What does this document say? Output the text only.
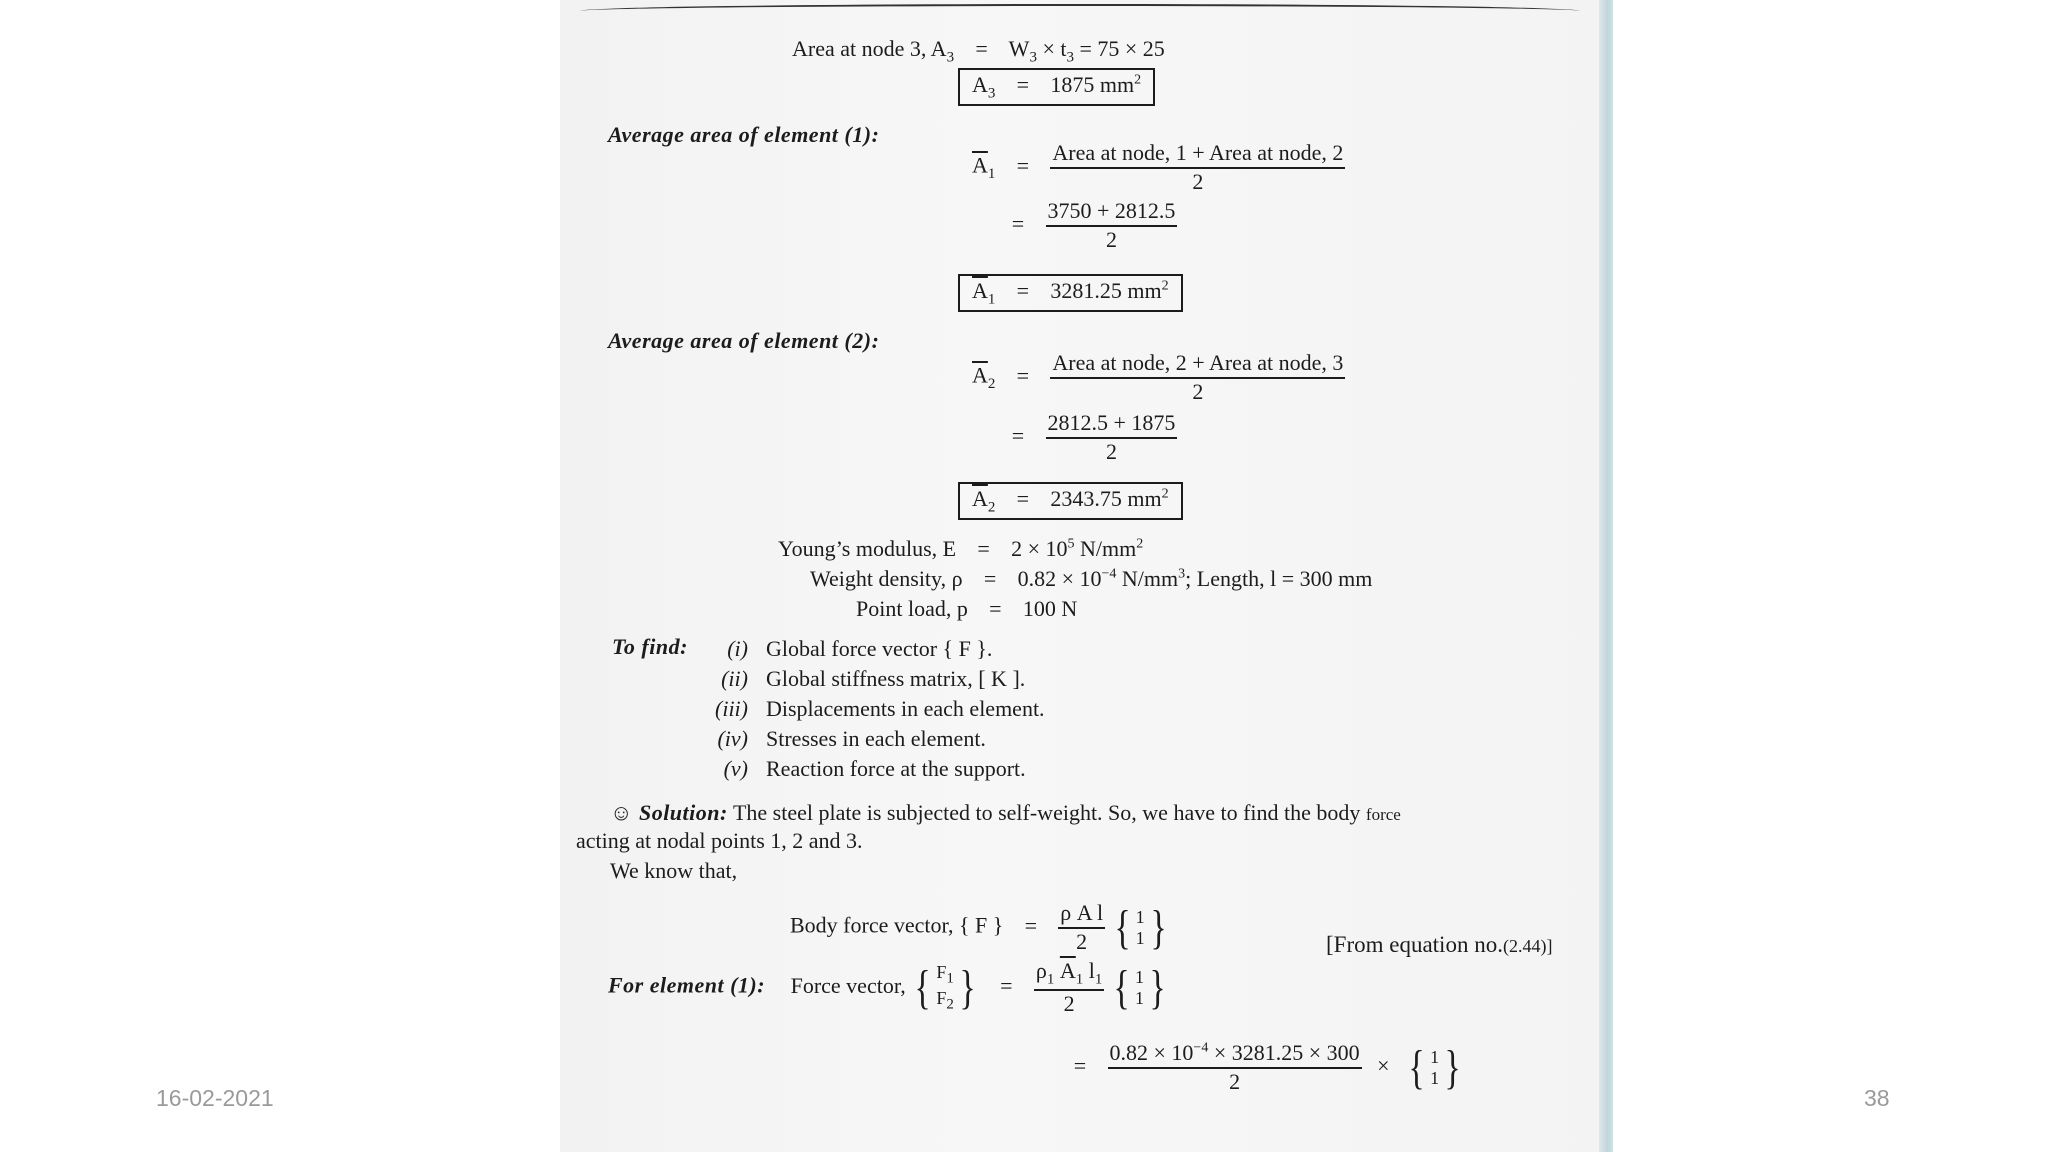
Area at node 3, $A_3 = W_3 \times t_3 = 75 \times 25$
$A_3 = 1875$ $mm^2$
Average area of element (1):
$\overline{A}_1 = \frac{\text{Area at node, 1 + Area at node, 2}}{2}$
= $\frac{3750 + 2812.5}{2}$
$\overline{A}_1 = 3281.25$ $mm^2$
Average area of element (2):
$\overline{A}_2 = \frac{\text{Area at node, 2 + Area at node, 3}}{2}$
= $\frac{2812.5 + 1875}{2}$
$\overline{A}_2 = 2343.75$ $mm^2$
Young’s modulus, $E = 2 \times 10^5$ $N/mm^2$
Weight density, $\rho = 0.82 \times 10^{-4}$ $N/mm^3$; Length, l = 300 mm
Point load, p = 100 N
To find:	(i) Global force vector { F }.
(ii) Global stiffness matrix, [ K ].
(iii) Displacements in each element.
(iv) Stresses in each element.
(v) Reaction force at the support.
☺ Solution: The steel plate is subjected to self-weight. So, we have to find the body force
acting at nodal points 1, 2 and 3.
We know that,
Body force vector, { F } = $\frac{\text{ρ A l}}{2}$
{ 1
1 }	[From equation no.(2.44)]
For element (1): Force vector, { $F_1$
$F_2$ } = $\frac{\rho_1 \overline{A}_1 l_1}{2}$
{ 1
1 }
= $\frac{0.82 \times 10^{-4} \times 3281.25 \times 300}{2}$ × { 1
1 }
16-02-2021	38
